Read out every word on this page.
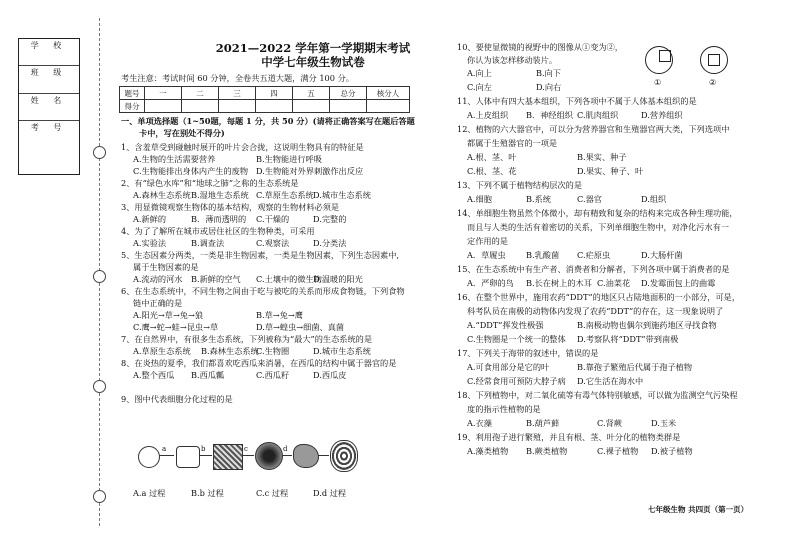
学 校
班 级
姓 名
考 号
2021—2022 学年第一学期期末考试
中学七年级生物试卷
考生注意：考试时间 60 分钟，全卷共五道大题，满分 100 分。
题号	一	二	三	四	五	总分	核分人
得分							
一、单项选择题（1~50题，每题 1 分，共 50 分）(请将正确答案写在题后答题
卡中，写在别处不得分)
1、含羞草受到碰触时展开的叶片会合拢，这说明生物具有的特征是
A.生物的生活需要营养	B.生物能进行呼吸
C.生物能排出身体内产生的废物 D.生物能对外界刺激作出反应
2、有“绿色水库”和“地球之肺”之称的生态系统是
A.森林生态系统 B.湿地生态系统 C.草原生态系统 D.城市生态系统
3、用显微镜观察生物体的基本结构，观察的生物材料必须是
A.新鲜的	B．薄而透明的 C.干燥的	D.完整的
4、为了了解所在城市或居住社区的生物种类，可采用
A.实验法	B.调查法	C.观察法	D.分类法
5、生态因素分两类，一类是非生物因素，一类是生物因素，下列生态因素中,
属于生物因素的是
A.流动的河水 B.新鲜的空气 C.土壤中的微生物
D.温暖的阳光
6、在生态系统中，不同生物之间由于吃与被吃的关系而形成食物链，下列食物
链中正确的是
A.阳光→草→兔→狼	B.草→兔→鹰
C.鹰→蛇→蛙→昆虫→草	D.草→蝗虫→细菌、真菌
7、在自然界中，有很多生态系统，下列被称为“最大”的生态系统的是
A.草原生态系统 B.森林生态系统
C.生物圈	D.城市生态系统
8、在炎热的夏季，我们都喜欢吃西瓜来消暑，在西瓜的结构中属于器官的是
A.整个西瓜 B.西瓜瓤	C.西瓜籽	D.西瓜皮
9、图中代表细胞分化过程的是
A.a 过程	B.b 过程	C.c 过程	D.d 过程
a	b	c	d
10、要使显微镜的视野中的图像从①变为②，
你认为该怎样移动装片。
A.向上	B.向下
C.向左	D.向右
11、人体中有四大基本组织，下列各项中不属于人体基本组织的是
A.上皮组织 B．神经组织 C.肌肉组织	D.营养组织
12、植物的六大器官中，可以分为营养器官和生殖器官两大类，下列选项中
都属于生殖器官的一项是
A.根、茎、叶	B.果实、种子
C.根、茎、花	D.果实、种子、叶
13、下列不属于植物结构层次的是
A.细胞	B.系统	C.器官	D.组织
14、单细胞生物虽然个体微小，却有精致和复杂的结构来完成各种生理功能，
而且与人类的生活有着密切的关系，下列单细胞生物中，对净化污水有一
定作用的是
A．草履虫 B.乳酸菌 C.疟原虫	D.大肠杆菌
15、在生态系统中有生产者、消费者和分解者，下列各项中属于消费者的是
A．严卵的鸟 B.长在树上的木耳 C.油菜花 D.发霉面包上的曲霉
16、在整个世界中，施用农药“DDT”的地区只占陆地面积的一小部分，可是，
科考队员在南极的动物体内发现了农药“DDT”的存在，这一现象说明了
A.“DDT”挥发性极强	B.南极动物也偶尔到施药地区寻找食物
C.生物圈是一个统一的整体 D.考察队将“DDT”带到南极
17、下列关于海带的叙述中，错误的是
A.可食用部分是它的叶	B.靠孢子繁殖后代属于孢子植物
C.经常食用可预防大脖子病 D.它生活在海水中
18、下列植物中，对二氧化硫等有毒气体特别敏感，可以做为监测空气污染程
度的指示性植物的是
A.衣藻	B.葫芦藓	C.肾蕨	D.玉米
19、利用孢子进行繁殖，并且有根、茎、叶分化的植物类群是
A.藻类植物 B.蕨类植物	C.裸子植物 D.被子植物
①	②
七年级生物 共四页（第一页）
